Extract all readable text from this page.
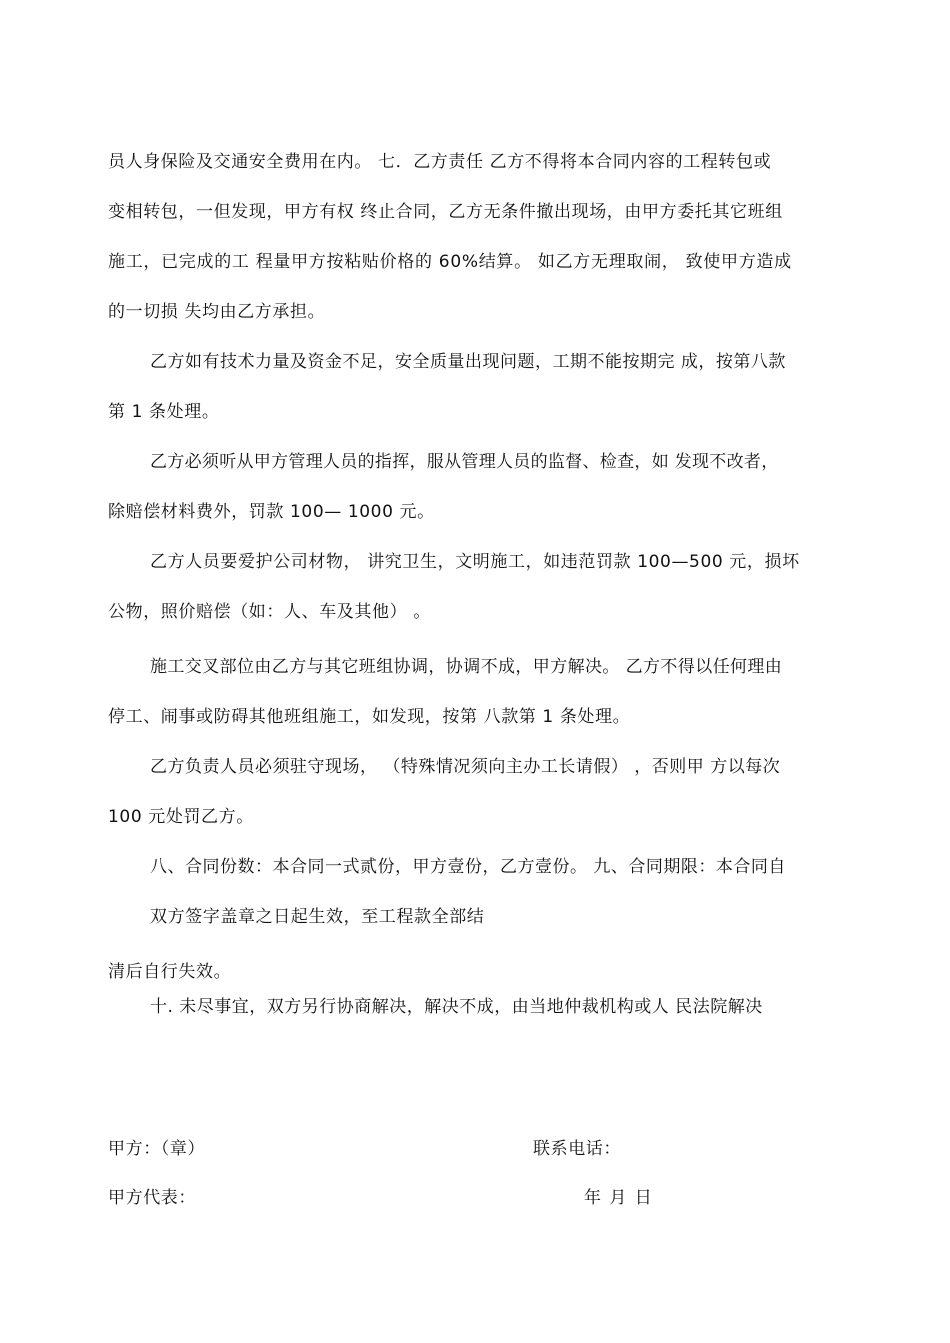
员人身保险及交通安全费用在内。 七．乙方责任 乙方不得将本合同内容的工程转包或
变相转包，一但发现，甲方有权 终止合同，乙方无条件撤出现场，由甲方委托其它班组
施工，已完成的工 程量甲方按粘贴价格的 60%结算。 如乙方无理取闹， 致使甲方造成
的一切损 失均由乙方承担。
乙方如有技术力量及资金不足，安全质量出现问题，工期不能按期完 成，按第八款
第 1 条处理。
乙方必须听从甲方管理人员的指挥，服从管理人员的监督、检查，如 发现不改者，
除赔偿材料费外，罚款 100— 1000 元。
乙方人员要爱护公司材物， 讲究卫生，文明施工，如违范罚款 100—500 元，损坏
公物，照价赔偿（如：人、车及其他） 。
施工交叉部位由乙方与其它班组协调，协调不成，甲方解决。 乙方不得以任何理由
停工、闹事或防碍其他班组施工，如发现，按第 八款第 1 条处理。
乙方负责人员必须驻守现场， （特殊情况须向主办工长请假） ，否则甲 方以每次
100 元处罚乙方。
八、合同份数：本合同一式贰份，甲方壹份，乙方壹份。 九、合同期限：本合同自
双方签字盖章之日起生效，至工程款全部结
清后自行失效。
十. 未尽事宜，双方另行协商解决，解决不成，由当地仲裁机构或人 民法院解决
甲方：（章）	联系电话：
甲方代表：	年 月 日
